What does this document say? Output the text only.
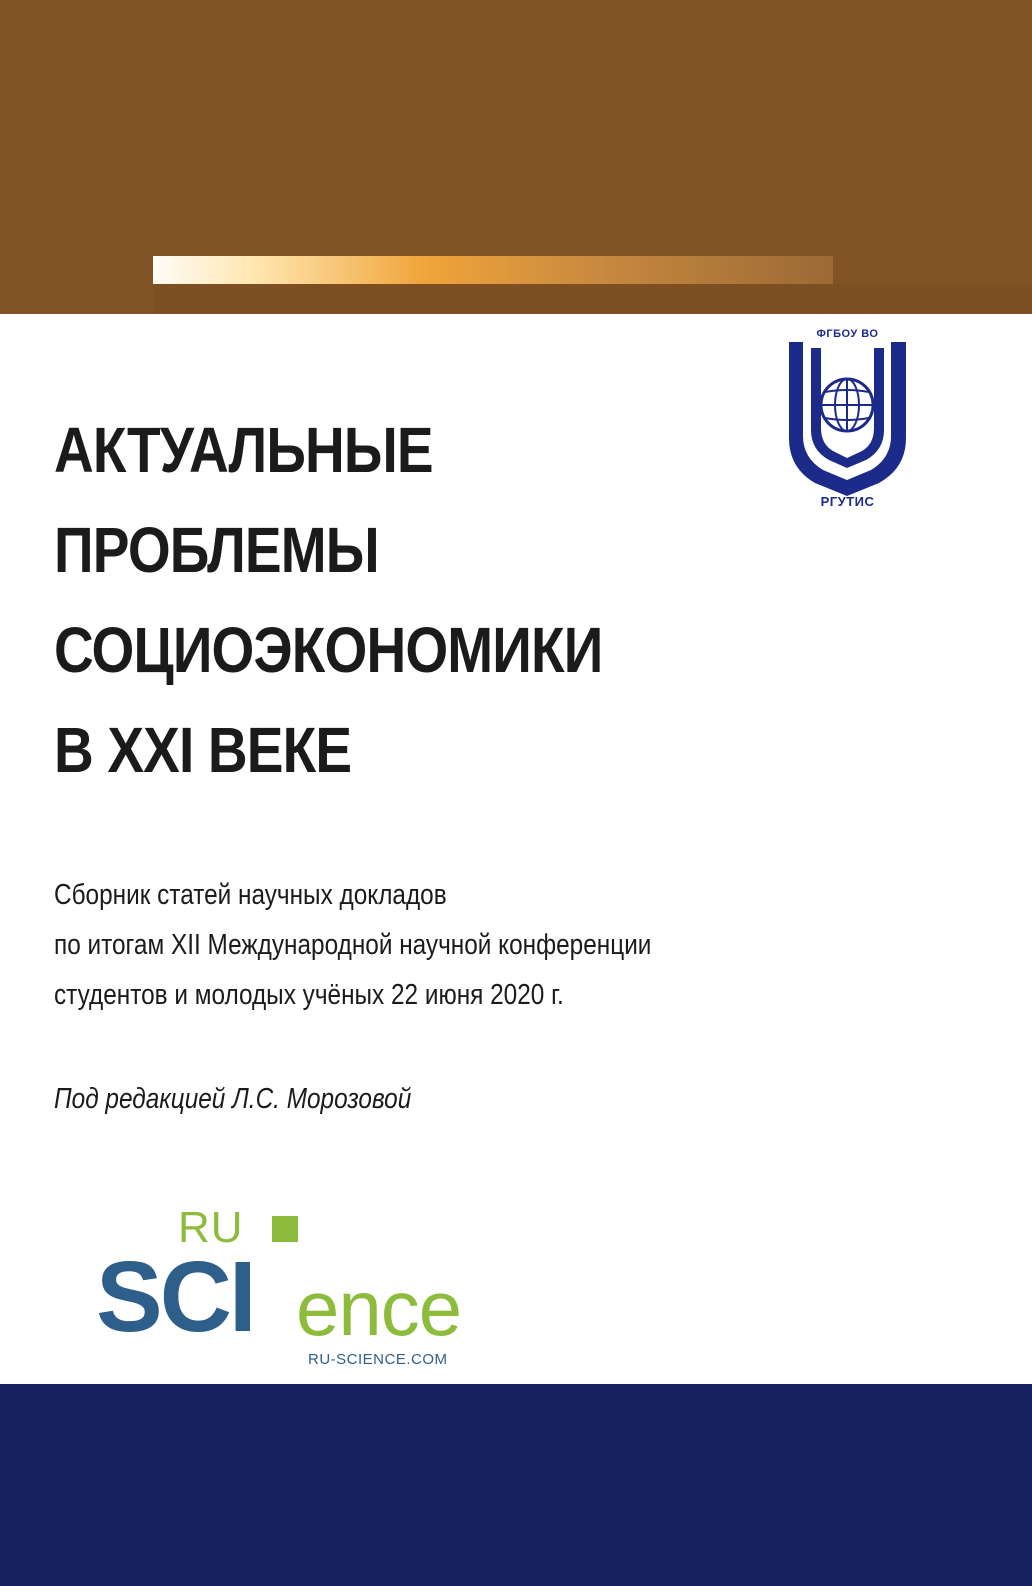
ФГБОУ ВО
РГУТИС
АКТУАЛЬНЫЕ
ПРОБЛЕМЫ
СОЦИОЭКОНОМИКИ
В XXI ВЕКЕ
Сборник статей научных докладов
по итогам XII Международной научной конференции
студентов и молодых учёных 22 июня 2020 г.
Под редакцией Л.С. Морозовой
RU
SCI ence
RU-SCIENCE.COM
